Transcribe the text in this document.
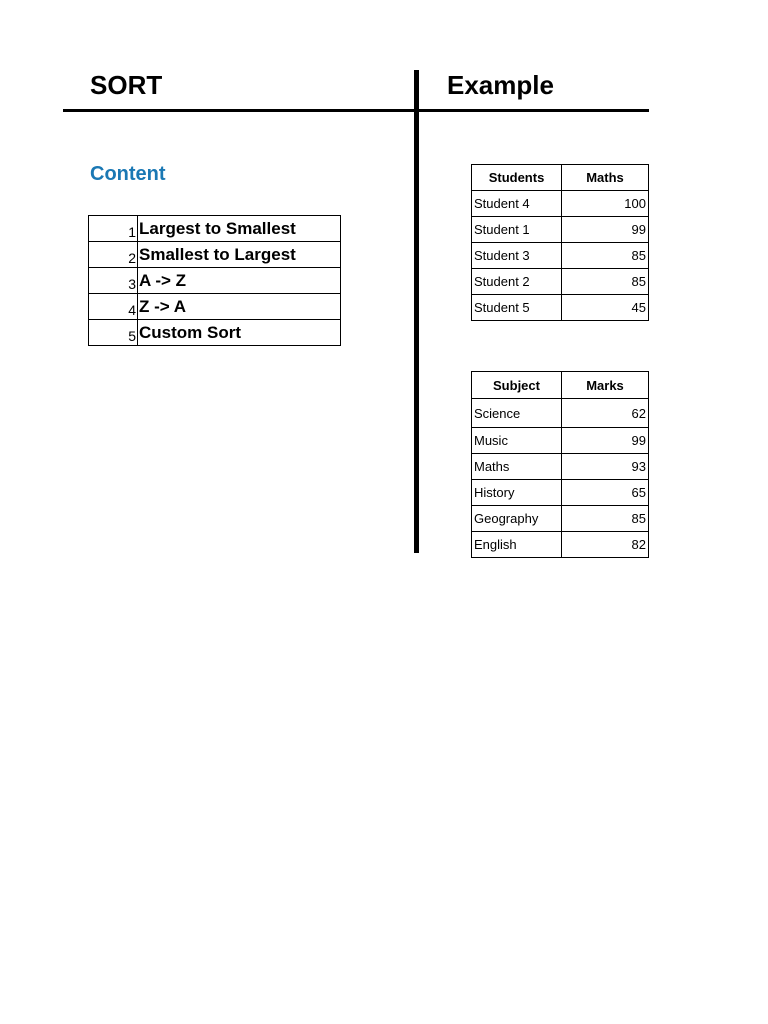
SORT	Example
Content
1	Largest to Smallest
2	Smallest to Largest
3	A -> Z
4	Z -> A
5	Custom Sort
Students	Maths
Student 4	100
Student 1	99
Student 3	85
Student 2	85
Student 5	45
Subject	Marks
Science	62
Music	99
Maths	93
History	65
Geography	85
English	82
